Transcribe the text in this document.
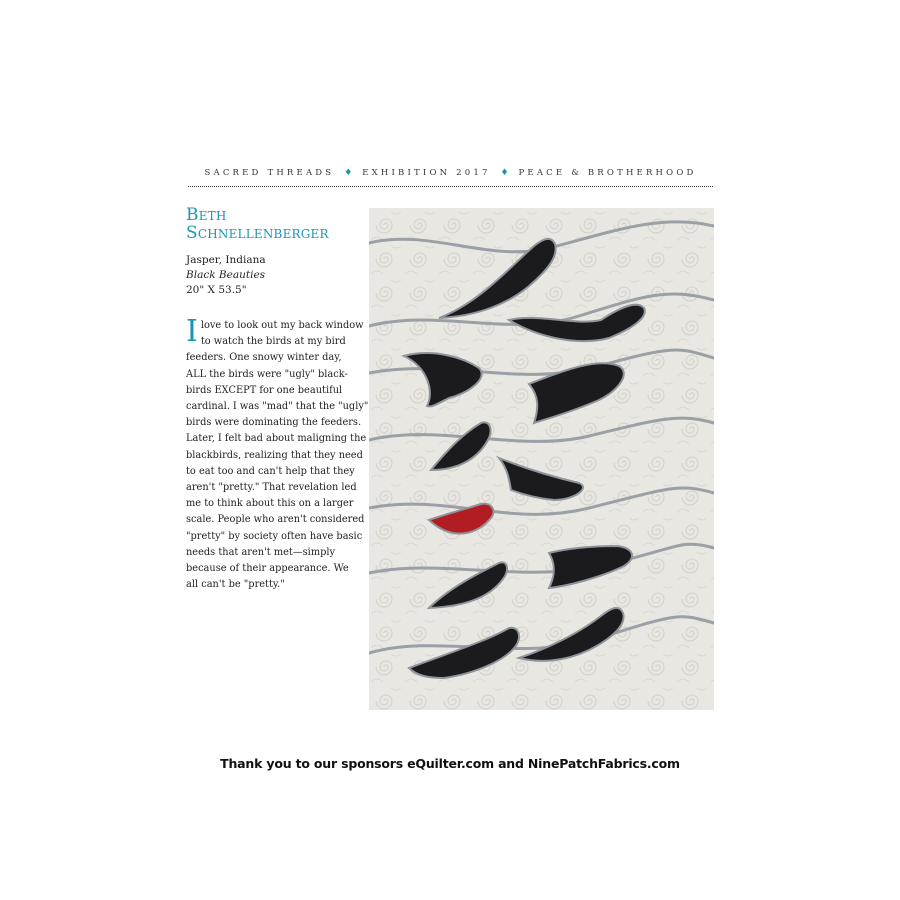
SACRED THREADS ♦ EXHIBITION 2017 ♦ PEACE & BROTHERHOOD
Beth
Schnellenberger
Jasper, Indiana
Black Beauties
20" X 53.5"
I love to look out my back window
to watch the birds at my bird
feeders. One snowy winter day,
ALL the birds were "ugly" black-
birds EXCEPT for one beautiful
cardinal. I was "mad" that the "ugly"
birds were dominating the feeders.
Later, I felt bad about maligning the
blackbirds, realizing that they need
to eat too and can't help that they
aren't "pretty." That revelation led
me to think about this on a larger
scale. People who aren't considered
"pretty" by society often have basic
needs that aren't met—simply
because of their appearance. We
all can't be "pretty."
Thank you to our sponsors eQuilter.com and NinePatchFabrics.com
